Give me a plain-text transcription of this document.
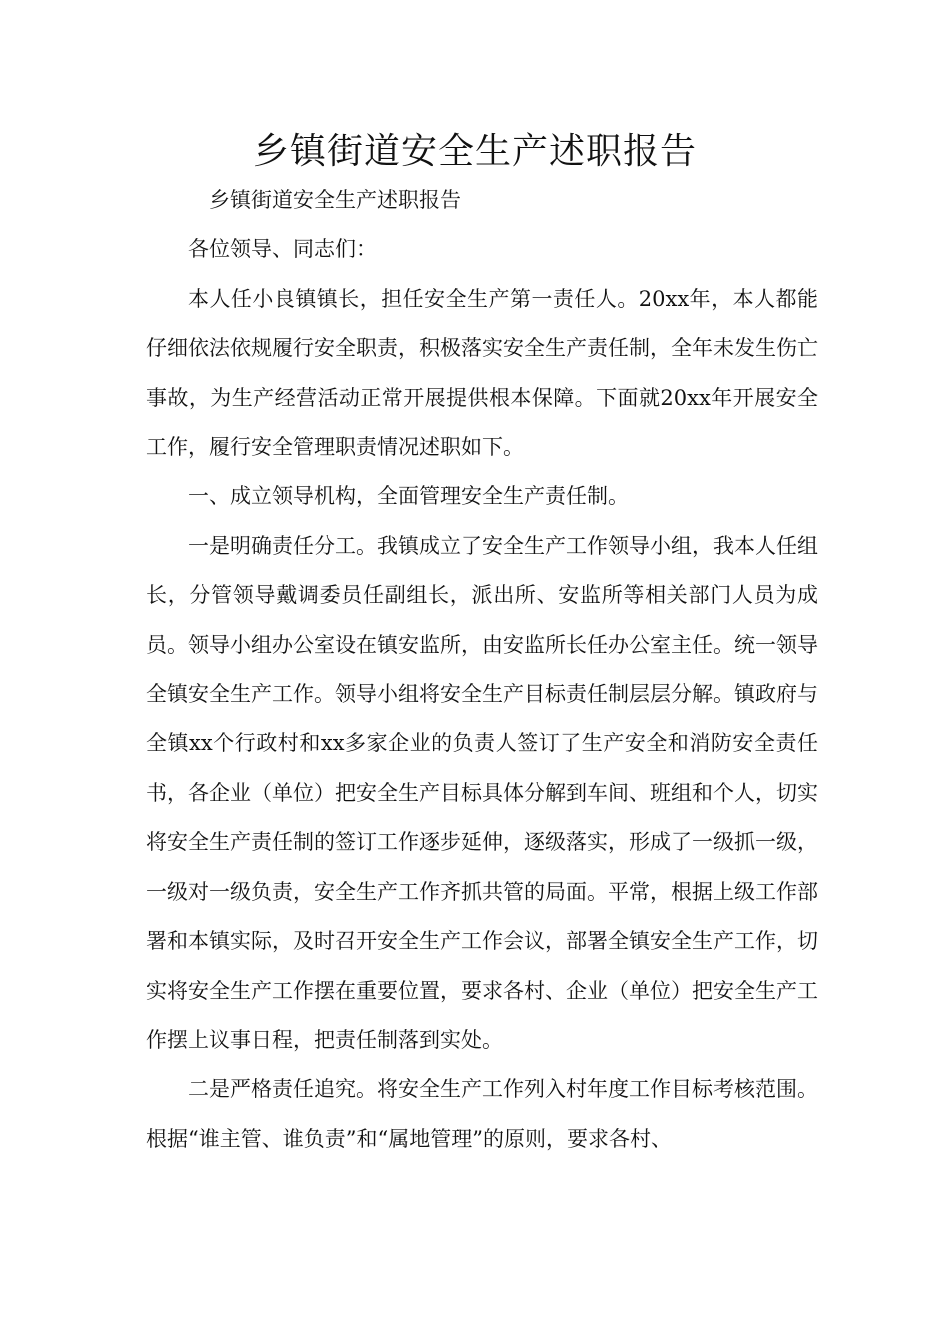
乡镇街道安全生产述职报告

乡镇街道安全生产述职报告

各位领导、同志们：

本人任小良镇镇长，担任安全生产第一责任人。20xx年，本人都能仔细依法依规履行安全职责，积极落实安全生产责任制，全年未发生伤亡事故，为生产经营活动正常开展提供根本保障。下面就20xx年开展安全工作，履行安全管理职责情况述职如下。

一、成立领导机构，全面管理安全生产责任制。

一是明确责任分工。我镇成立了安全生产工作领导小组，我本人任组长，分管领导戴调委员任副组长，派出所、安监所等相关部门人员为成员。领导小组办公室设在镇安监所，由安监所长任办公室主任。统一领导全镇安全生产工作。领导小组将安全生产目标责任制层层分解。镇政府与全镇xx个行政村和xx多家企业的负责人签订了生产安全和消防安全责任书，各企业（单位）把安全生产目标具体分解到车间、班组和个人，切实将安全生产责任制的签订工作逐步延伸，逐级落实，形成了一级抓一级，一级对一级负责，安全生产工作齐抓共管的局面。平常，根据上级工作部署和本镇实际，及时召开安全生产工作会议，部署全镇安全生产工作，切实将安全生产工作摆在重要位置，要求各村、企业（单位）把安全生产工作摆上议事日程，把责任制落到实处。

二是严格责任追究。将安全生产工作列入村年度工作目标考核范围。根据“谁主管、谁负责”和“属地管理”的原则，要求各村、
